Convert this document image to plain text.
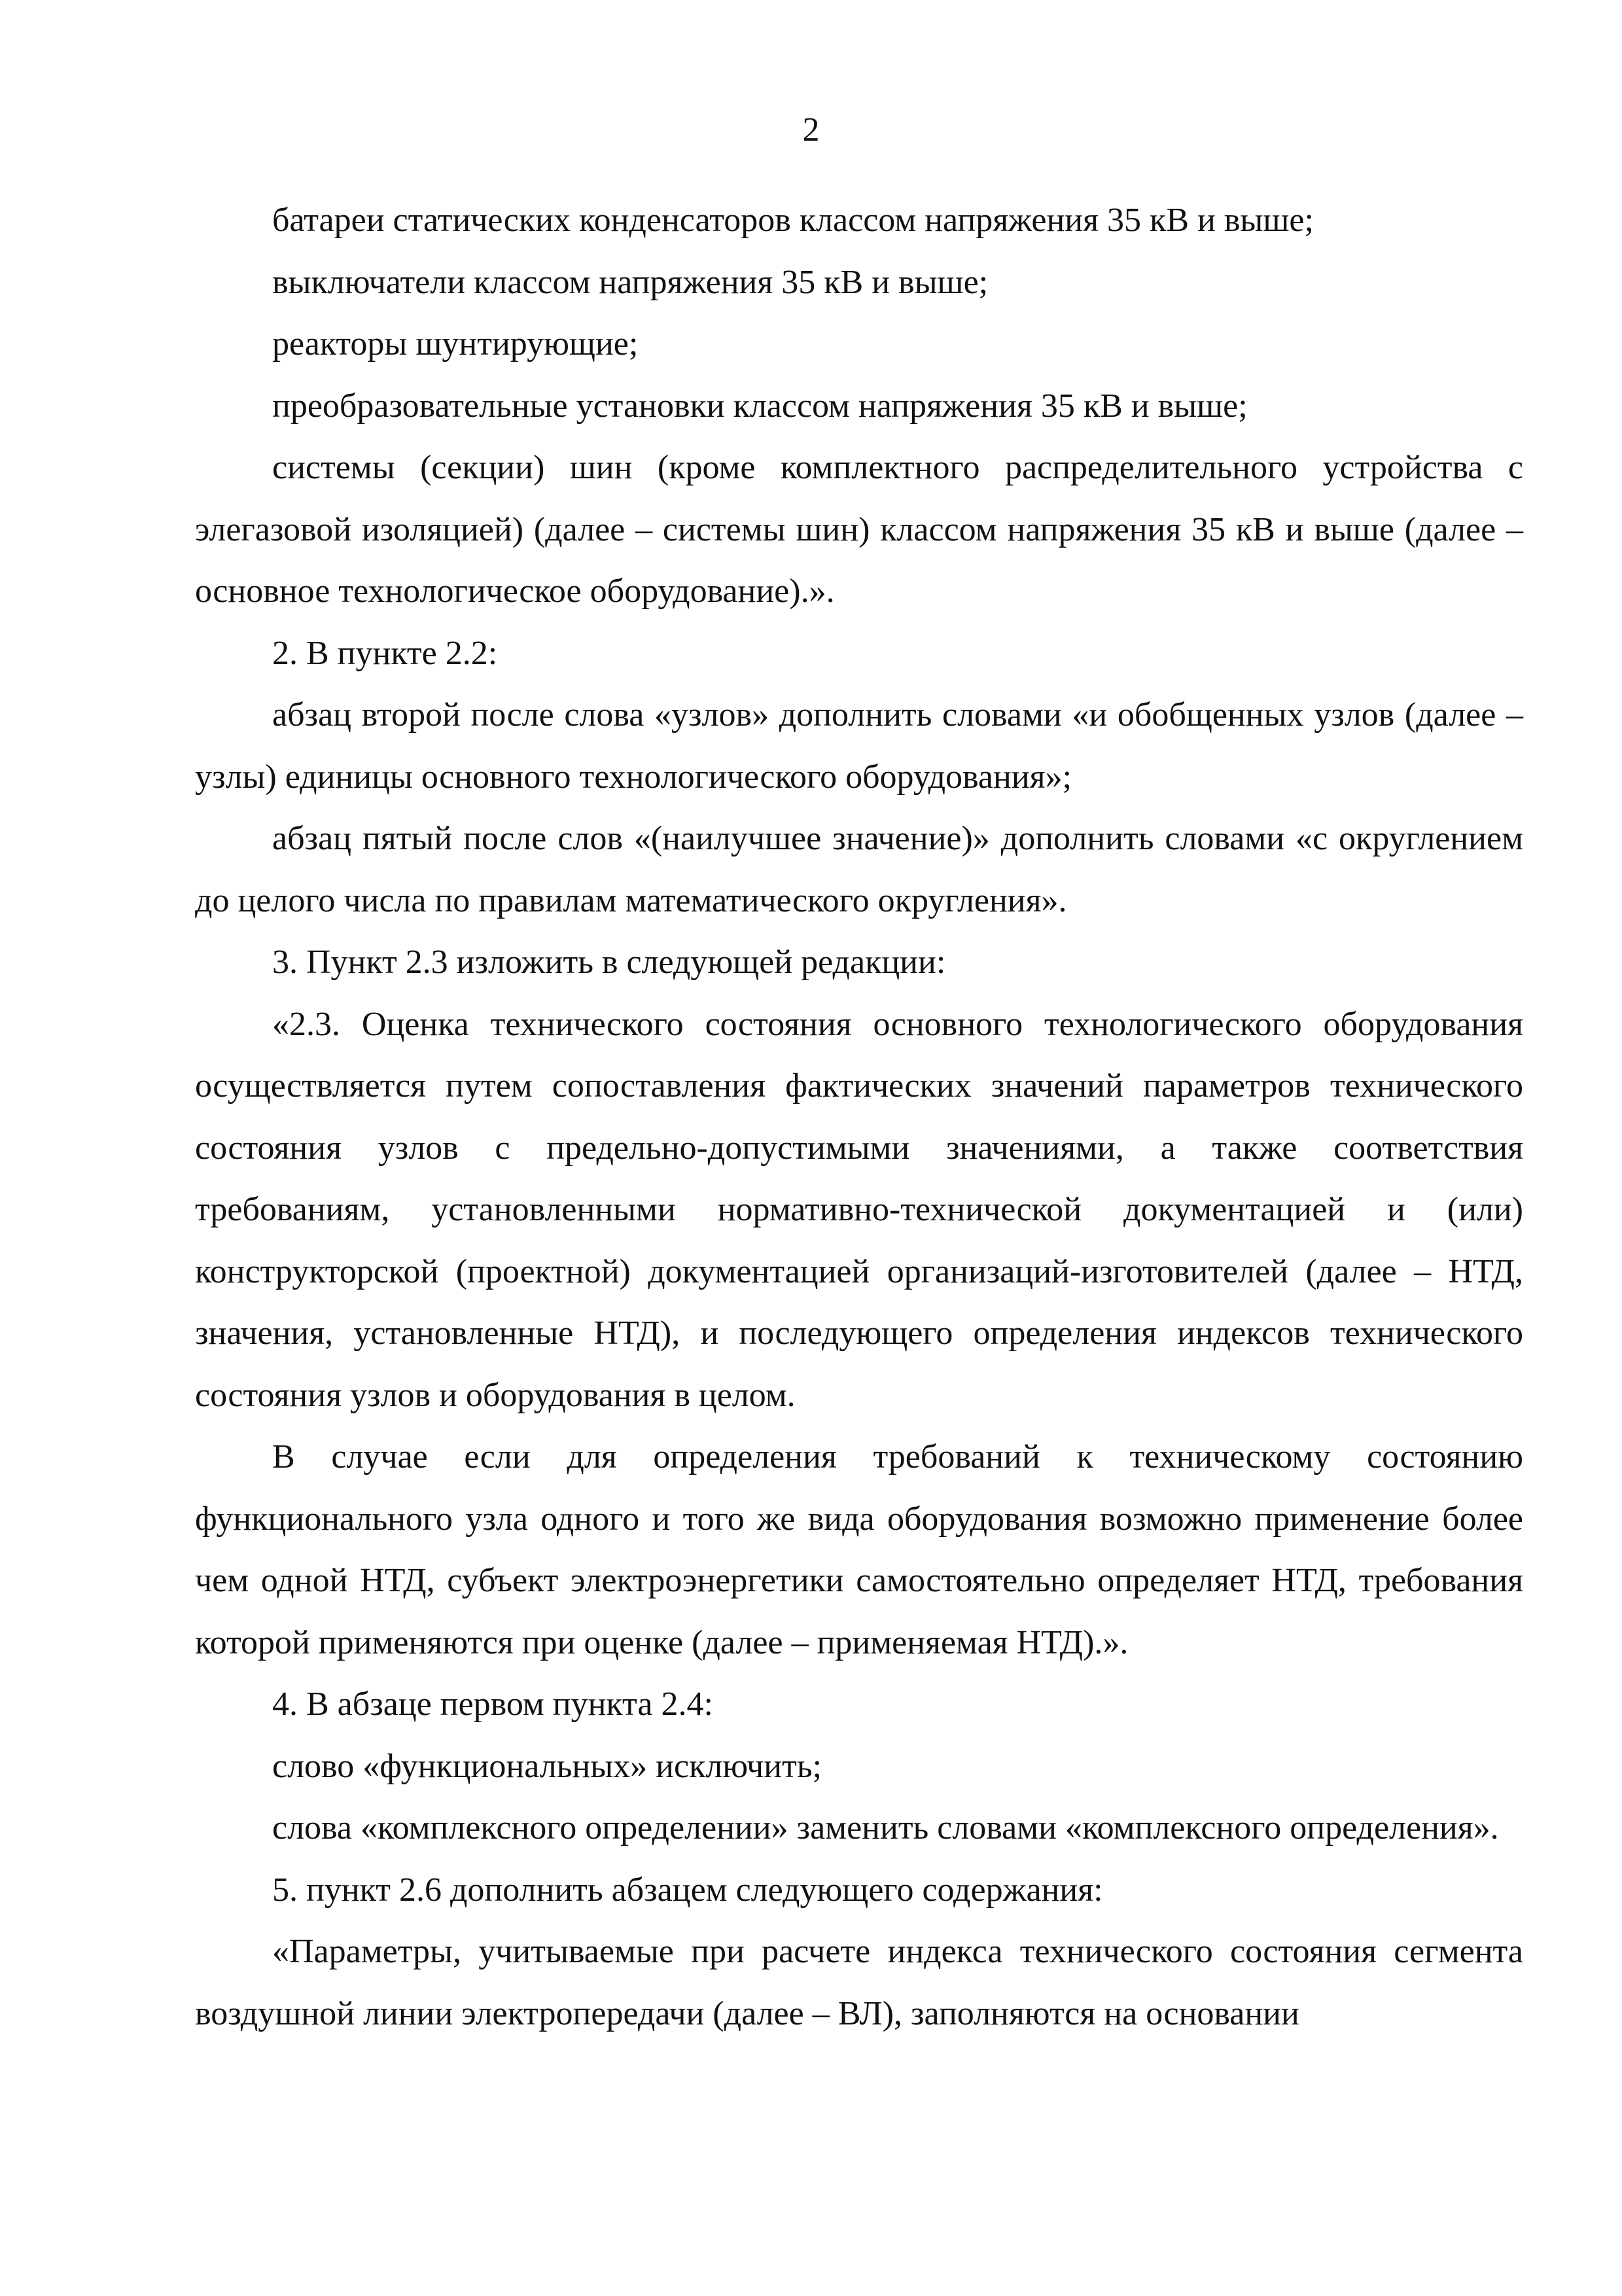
2

батареи статических конденсаторов классом напряжения 35 кВ и выше;

выключатели классом напряжения 35 кВ и выше;

реакторы шунтирующие;

преобразовательные установки классом напряжения 35 кВ и выше;

системы (секции) шин (кроме комплектного распределительного устройства с элегазовой изоляцией) (далее – системы шин) классом напряжения 35 кВ и выше (далее – основное технологическое оборудование).».

2. В пункте 2.2:

абзац второй после слова «узлов» дополнить словами «и обобщенных узлов (далее – узлы) единицы основного технологического оборудования»;

абзац пятый после слов «(наилучшее значение)» дополнить словами «с округлением до целого числа по правилам математического округления».

3. Пункт 2.3 изложить в следующей редакции:

«2.3. Оценка технического состояния основного технологического оборудования осуществляется путем сопоставления фактических значений параметров технического состояния узлов с предельно-допустимыми значениями, а также соответствия требованиям, установленными нормативно-технической документацией и (или) конструкторской (проектной) документацией организаций-изготовителей (далее – НТД, значения, установленные НТД), и последующего определения индексов технического состояния узлов и оборудования в целом.

В случае если для определения требований к техническому состоянию функционального узла одного и того же вида оборудования возможно применение более чем одной НТД, субъект электроэнергетики самостоятельно определяет НТД, требования которой применяются при оценке (далее – применяемая НТД).».

4. В абзаце первом пункта 2.4:

слово «функциональных» исключить;

слова «комплексного определении» заменить словами «комплексного определения».

5. пункт 2.6 дополнить абзацем следующего содержания:

«Параметры, учитываемые при расчете индекса технического состояния сегмента воздушной линии электропередачи (далее – ВЛ), заполняются на основании
